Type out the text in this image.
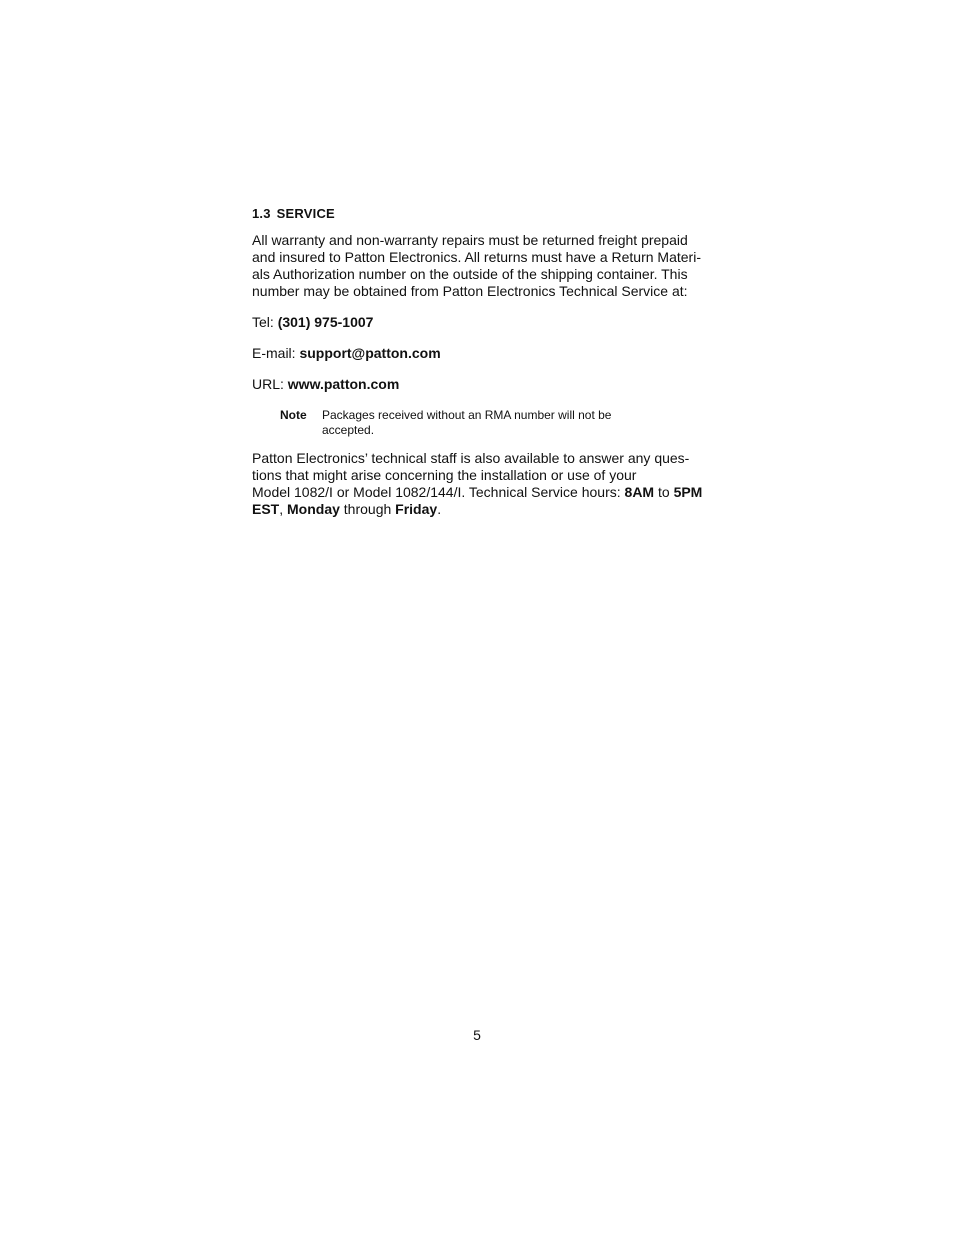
1.3 SERVICE

All warranty and non-warranty repairs must be returned freight prepaid
and insured to Patton Electronics. All returns must have a Return Materi-
als Authorization number on the outside of the shipping container. This
number may be obtained from Patton Electronics Technical Service at:

Tel: (301) 975-1007

E-mail: support@patton.com

URL: www.patton.com

Note Packages received without an RMA number will not be
accepted.

Patton Electronics’ technical staff is also available to answer any ques-
tions that might arise concerning the installation or use of your
Model 1082/I or Model 1082/144/I. Technical Service hours: 8AM to 5PM
EST, Monday through Friday.

5
